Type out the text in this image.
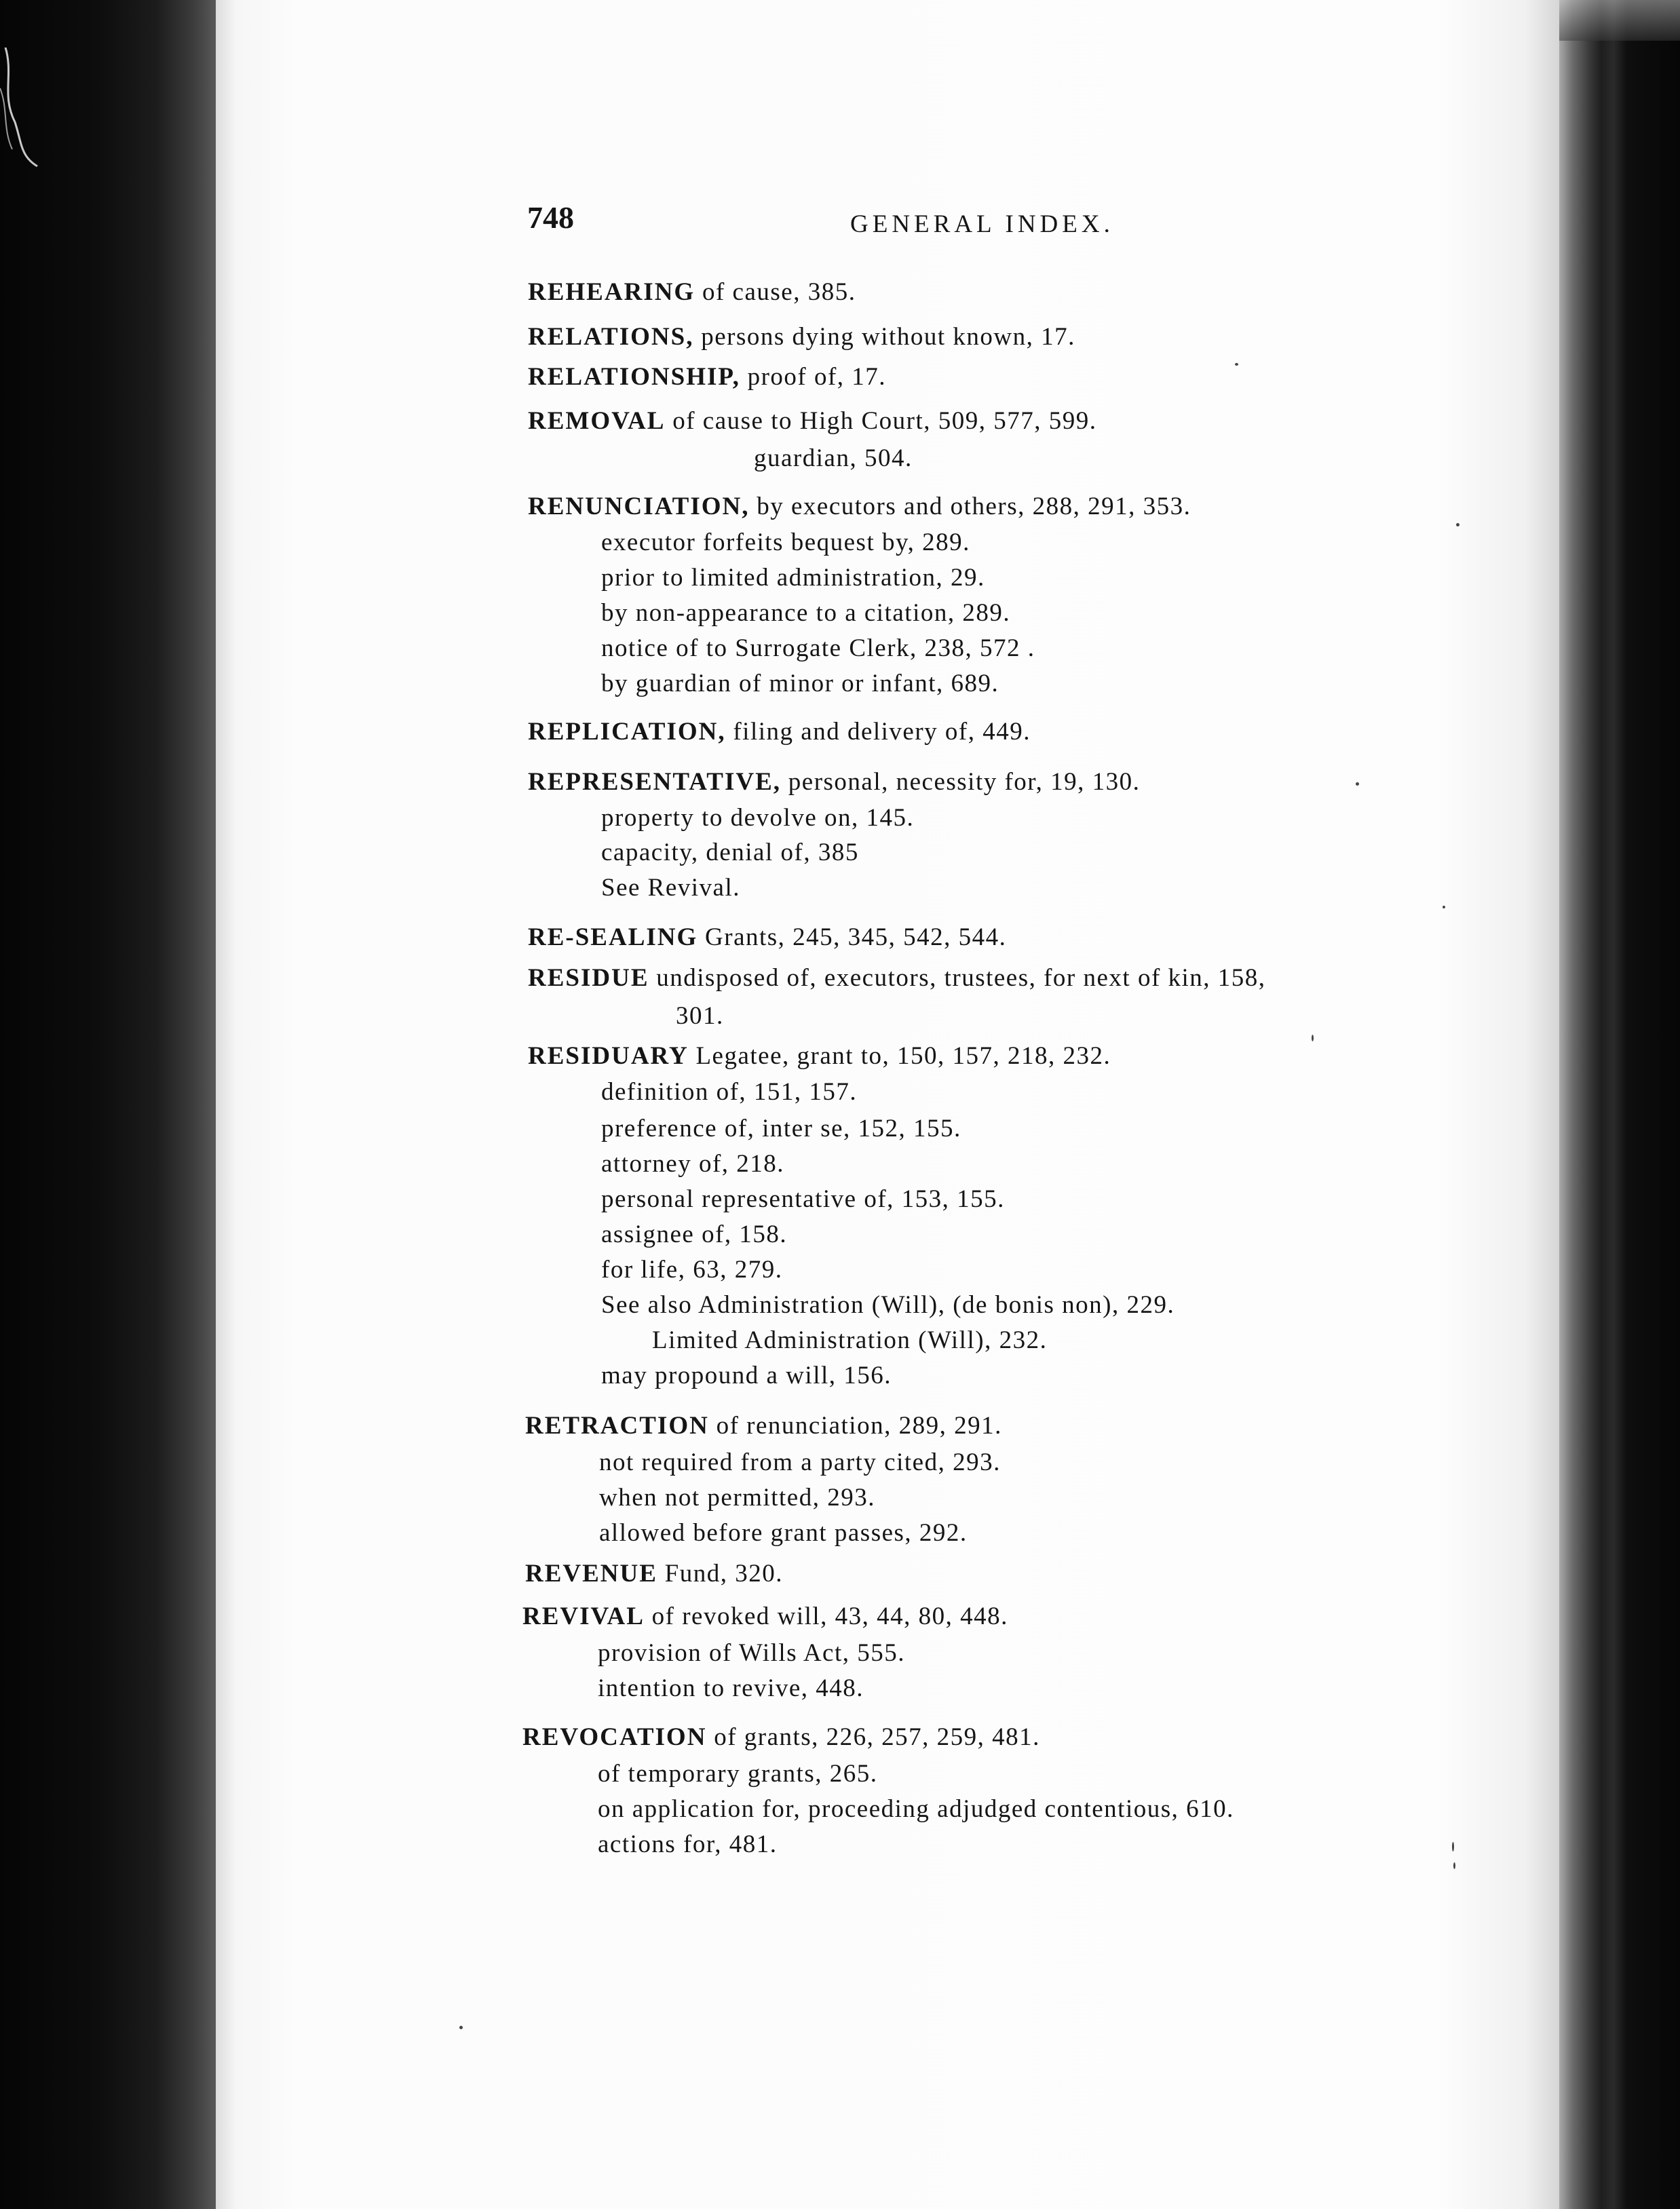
748	GENERAL INDEX.
REHEARING of cause, 385.
RELATIONS, persons dying without known, 17.
RELATIONSHIP, proof of, 17.
REMOVAL of cause to High Court, 509, 577, 599.
guardian, 504.
RENUNCIATION, by executors and others, 288, 291, 353.
executor forfeits bequest by, 289.
prior to limited administration, 29.
by non-appearance to a citation, 289.
notice of to Surrogate Clerk, 238, 572 .
by guardian of minor or infant, 689.
REPLICATION, filing and delivery of, 449.
REPRESENTATIVE, personal, necessity for, 19, 130.
property to devolve on, 145.
capacity, denial of, 385
See Revival.
RE-SEALING Grants, 245, 345, 542, 544.
RESIDUE undisposed of, executors, trustees, for next of kin, 158,
301.
RESIDUARY Legatee, grant to, 150, 157, 218, 232.
definition of, 151, 157.
preference of, inter se, 152, 155.
attorney of, 218.
personal representative of, 153, 155.
assignee of, 158.
for life, 63, 279.
See also Administration (Will), (de bonis non), 229.
Limited Administration (Will), 232.
may propound a will, 156.
RETRACTION of renunciation, 289, 291.
not required from a party cited, 293.
when not permitted, 293.
allowed before grant passes, 292.
REVENUE Fund, 320.
REVIVAL of revoked will, 43, 44, 80, 448.
provision of Wills Act, 555.
intention to revive, 448.
REVOCATION of grants, 226, 257, 259, 481.
of temporary grants, 265.
on application for, proceeding adjudged contentious, 610.
actions for, 481.
